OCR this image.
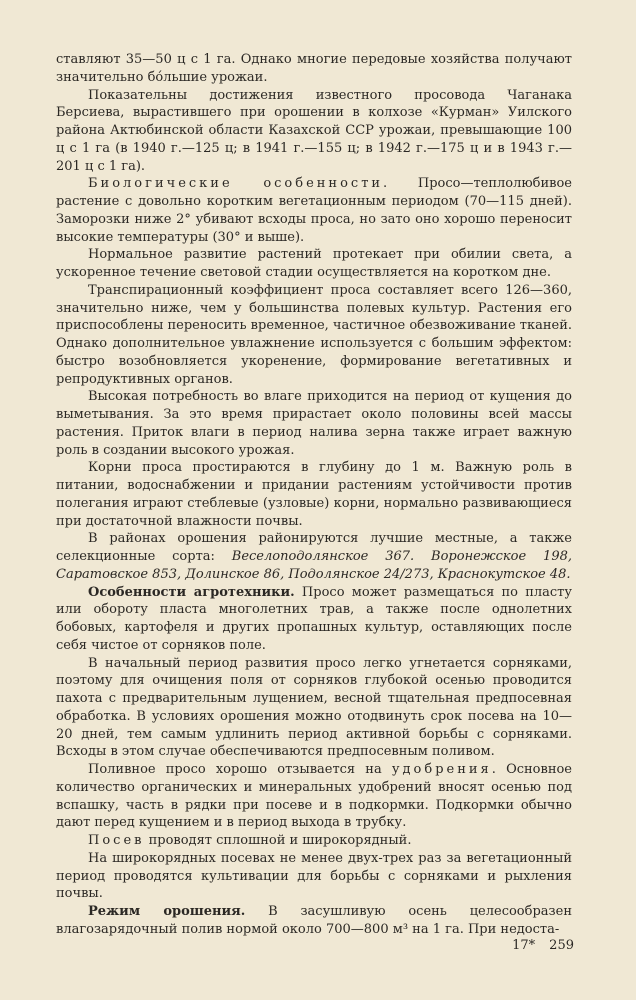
ставляют 35—50 ц с 1 га. Однако многие передовые хозяйства получают значительно бо́льшие урожаи.

Показательны достижения известного просовода Чаганака Берсиева, выраcтившего при орошении в колхозе «Курман» Уилского района Актюбинской области Казахской ССР урожаи, превышающие 100 ц с 1 га (в 1940 г.—125 ц; в 1941 г.—155 ц; в 1942 г.—175 ц и в 1943 г.—201 ц с 1 га).

Биологические особенности. Просо—теплолюбивое растение с довольно коротким вегетационным периодом (70—115 дней). Заморозки ниже 2° убивают всходы проса, но зато оно хорошо переносит высокие температуры (30° и выше).

Нормальное развитие растений протекает при обилии света, а ускоренное течение световой стадии осуществляется на коротком дне.

Транспирационный коэффициент проса составляет всего 126—360, значительно ниже, чем у большинства полевых культур. Растения его приспособлены переносить временное, частичное обезвоживание тканей. Однако дополнительное увлажнение используется с большим эффектом: быстро возобновляется укоренение, формирование вегетативных и репродуктивных органов.

Высокая потребность во влаге приходится на период от кущения до выметывания. За это время прирастает около половины всей массы растения. Приток влаги в период налива зерна также играет важную роль в создании высокого урожая.

Корни проса простираются в глубину до 1 м. Важную роль в питании, водоснабжении и придании растениям устойчивости против полегания играют стеблевые (узловые) корни, нормально развивающиеся при достаточной влажности почвы.

В районах орошения районируются лучшие местные, а также селекционные сорта: Веселоподолянское 367. Воронежское 198, Саратовское 853, Долинское 86, Подолянское 24/273, Краснокутское 48.

Особенности агротехники. Просо может размещаться по пласту или обороту пласта многолетних трав, а также после однолетних бобовых, картофеля и других пропашных культур, оставляющих после себя чистое от сорняков поле.

В начальный период развития просо легко угнетается сорняками, поэтому для очищения поля от сорняков глубокой осенью проводится пахота с предварительным лущением, весной тщательная предпосевная обработка. В условиях орошения можно отодвинуть срок посева на 10—20 дней, тем самым удлинить период активной борьбы с сорняками. Всходы в этом случае обеспечиваются предпосевным поливом.

Поливное просо хорошо отзывается на удобрения. Основное количество органических и минеральных удобрений вносят осенью под вспашку, часть в рядки при посеве и в подкормки. Подкормки обычно дают перед кущением и в период выхода в трубку.

Посев проводят сплошной и широкорядный.

На широкорядных посевах не менее двух-трех раз за вегетационный период проводятся культивации для борьбы с сорняками и рыхления почвы.

Режим орошения. В засушливую осень целесообразен влагозарядочный полив нормой около 700—800 м³ на 1 га. При недоста-

17* 259
